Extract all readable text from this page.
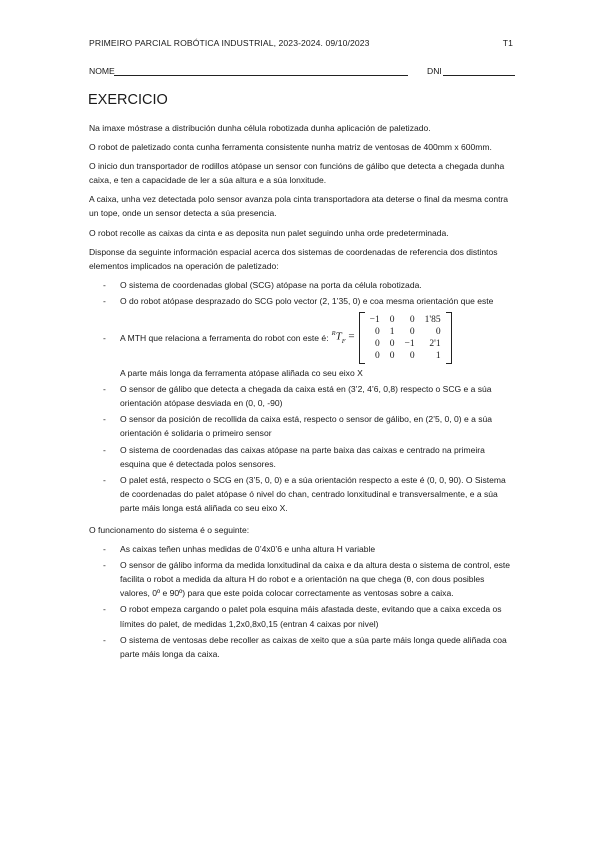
PRIMEIRO PARCIAL ROBÓTICA INDUSTRIAL, 2023-2024. 09/10/2023	T1
NOME	DNI
EXERCICIO

Na imaxe móstrase a distribución dunha célula robotizada dunha aplicación de paletizado.

O robot de paletizado conta cunha ferramenta consistente nunha matriz de ventosas de 400mm x 600mm.

O inicio dun transportador de rodillos atópase un sensor con funcións de gálibo que detecta a chegada dunha caixa, e ten a capacidade de ler a súa altura e a súa lonxitude.

A caixa, unha vez detectada polo sensor avanza pola cinta transportadora ata deterse o final da mesma contra un tope, onde un sensor detecta a súa presencia.

O robot recolle as caixas da cinta e as deposita nun palet seguindo unha orde predeterminada.

Disponse da seguinte información espacial acerca dos sistemas de coordenadas de referencia dos distintos elementos implicados na operación de paletizado:

- O sistema de coordenadas global (SCG) atópase na porta da célula robotizada.
- O do robot atópase desprazado do SCG polo vector (2, 1’35, 0) e coa mesma orientación que este
- A MTH que relaciona a ferramenta do robot con este é: $^RT_F$ =
−1	0	0	1'85
0	1	0	0
0	0	−1	2'1
0	0	0	1
A parte máis longa da ferramenta atópase aliñada co seu eixo X
- O sensor de gálibo que detecta a chegada da caixa está en (3’2, 4’6, 0,8) respecto o SCG e a súa orientación atópase desviada en (0, 0, -90)
- O sensor da posición de recollida da caixa está, respecto o sensor de gálibo, en (2’5, 0, 0) e a súa orientación é solidaria o primeiro sensor
- O sistema de coordenadas das caixas atópase na parte baixa das caixas e centrado na primeira esquina que é detectada polos sensores.
- O palet está, respecto o SCG en (3’5, 0, 0) e a súa orientación respecto a este é (0, 0, 90). O Sistema de coordenadas do palet atópase ó nivel do chan, centrado lonxitudinal e transversalmente, e a súa parte máis longa está aliñada co seu eixo X.

O funcionamento do sistema é o seguinte:

- As caixas teñen unhas medidas de 0’4x0’6 e unha altura H variable
- O sensor de gálibo informa da medida lonxitudinal da caixa e da altura desta o sistema de control, este facilita o robot a medida da altura H do robot e a orientación na que chega (θ, con dous posibles valores, 0º e 90º) para que este poida colocar correctamente as ventosas sobre a caixa.
- O robot empeza cargando o palet pola esquina máis afastada deste, evitando que a caixa exceda os límites do palet, de medidas 1,2x0,8x0,15 (entran 4 caixas por nivel)
- O sistema de ventosas debe recoller as caixas de xeito que a súa parte máis longa quede aliñada coa parte máis longa da caixa.
